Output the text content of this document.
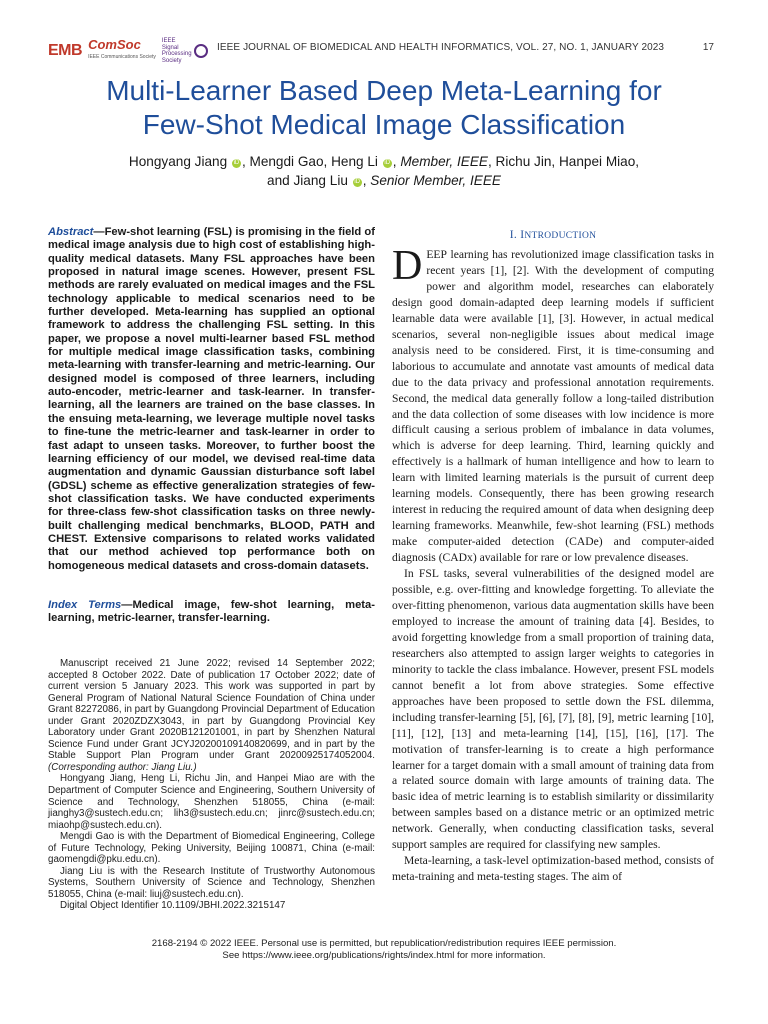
EMB ComSoc
IEEE Communications Society
IEEE
Signal
Processing
Society
IEEE JOURNAL OF BIOMEDICAL AND HEALTH INFORMATICS, VOL. 27, NO. 1, JANUARY 2023	17
Multi-Learner Based Deep Meta-Learning for
Few-Shot Medical Image Classification
Hongyang Jiang iD , Mengdi Gao, Heng Li iD , Member, IEEE, Richu Jin, Hanpei Miao,
and Jiang Liu iD , Senior Member, IEEE

Abstract—Few-shot learning (FSL) is promising in the field of medical image analysis due to high cost of establishing high-quality medical datasets. Many FSL approaches have been proposed in natural image scenes. However, present FSL methods are rarely evaluated on medical images and the FSL technology applicable to medical scenarios need to be further developed. Meta-learning has supplied an optional framework to address the challenging FSL setting. In this paper, we propose a novel multi-learner based FSL method for multiple medical image classification tasks, combining meta-learning with transfer-learning and metric-learning. Our designed model is composed of three learners, including auto-encoder, metric-learner and task-learner. In transfer-learning, all the learners are trained on the base classes. In the ensuing meta-learning, we leverage multiple novel tasks to fine-tune the metric-learner and task-learner in order to fast adapt to unseen tasks. Moreover, to further boost the learning efficiency of our model, we devised real-time data augmentation and dynamic Gaussian disturbance soft label (GDSL) scheme as effective generalization strategies of few-shot classification tasks. We have conducted experiments for three-class few-shot classification tasks on three newly-built challenging medical benchmarks, BLOOD, PATH and CHEST. Extensive comparisons to related works validated that our method achieved top performance both on homogeneous medical datasets and cross-domain datasets.

Index Terms—Medical image, few-shot learning, meta-learning, metric-learner, transfer-learning.

Manuscript received 21 June 2022; revised 14 September 2022; accepted 8 October 2022. Date of publication 17 October 2022; date of current version 5 January 2023. This work was supported in part by General Program of National Natural Science Foundation of China under Grant 82272086, in part by Guangdong Provincial Department of Education under Grant 2020ZDZX3043, in part by Guangdong Provincial Key Laboratory under Grant 2020B121201001, in part by Shenzhen Natural Science Fund under Grant JCYJ20200109140820699, and in part by the Stable Support Plan Program under Grant 20200925174052004. (Corresponding author: Jiang Liu.)

Hongyang Jiang, Heng Li, Richu Jin, and Hanpei Miao are with the Department of Computer Science and Engineering, Southern University of Science and Technology, Shenzhen 518055, China (e-mail: jianghy3@sustech.edu.cn; lih3@sustech.edu.cn; jinrc@sustech.edu.cn; miaohp@sustech.edu.cn).

Mengdi Gao is with the Department of Biomedical Engineering, College of Future Technology, Peking University, Beijing 100871, China (e-mail: gaomengdi@pku.edu.cn).

Jiang Liu is with the Research Institute of Trustworthy Autonomous Systems, Southern University of Science and Technology, Shenzhen 518055, China (e-mail: liuj@sustech.edu.cn).

Digital Object Identifier 10.1109/JBHI.2022.3215147

I. INTRODUCTION

DEEP learning has revolutionized image classification tasks in recent years [1], [2]. With the development of computing power and algorithm model, researches can elaborately design good domain-adapted deep learning models if sufficient learnable data were available [1], [3]. However, in actual medical scenarios, several non-negligible issues about medical image analysis need to be considered. First, it is time-consuming and laborious to accumulate and annotate vast amounts of medical data due to the data privacy and professional annotation requirements. Second, the medical data generally follow a long-tailed distribution and the data collection of some diseases with low incidence is more difficult causing a serious problem of imbalance in data volumes, which is adverse for deep learning. Third, learning quickly and effectively is a hallmark of human intelligence and how to learn to learn with limited learning materials is the pursuit of current deep learning models. Consequently, there has been growing research interest in reducing the required amount of data when designing deep learning frameworks. Meanwhile, few-shot learning (FSL) methods make computer-aided detection (CADe) and computer-aided diagnosis (CADx) available for rare or low prevalence diseases.

In FSL tasks, several vulnerabilities of the designed model are possible, e.g. over-fitting and knowledge forgetting. To alleviate the over-fitting phenomenon, various data augmentation skills have been employed to increase the amount of training data [4]. Besides, to avoid forgetting knowledge from a small proportion of training data, researchers also attempted to assign larger weights to categories in minority to tackle the class imbalance. However, present FSL models cannot benefit a lot from above strategies. Some effective approaches have been proposed to settle down the FSL dilemma, including transfer-learning [5], [6], [7], [8], [9], metric learning [10], [11], [12], [13] and meta-learning [14], [15], [16], [17]. The motivation of transfer-learning is to create a high performance learner for a target domain with a small amount of training data from a related source domain with large amounts of training data. The basic idea of metric learning is to establish similarity or dissimilarity between samples based on a distance metric or an optimized metric network. Generally, when conducting classification tasks, several support samples are required for classifying new samples.

Meta-learning, a task-level optimization-based method, consists of meta-training and meta-testing stages. The aim of

2168-2194 © 2022 IEEE. Personal use is permitted, but republication/redistribution requires IEEE permission.
See https://www.ieee.org/publications/rights/index.html for more information.
